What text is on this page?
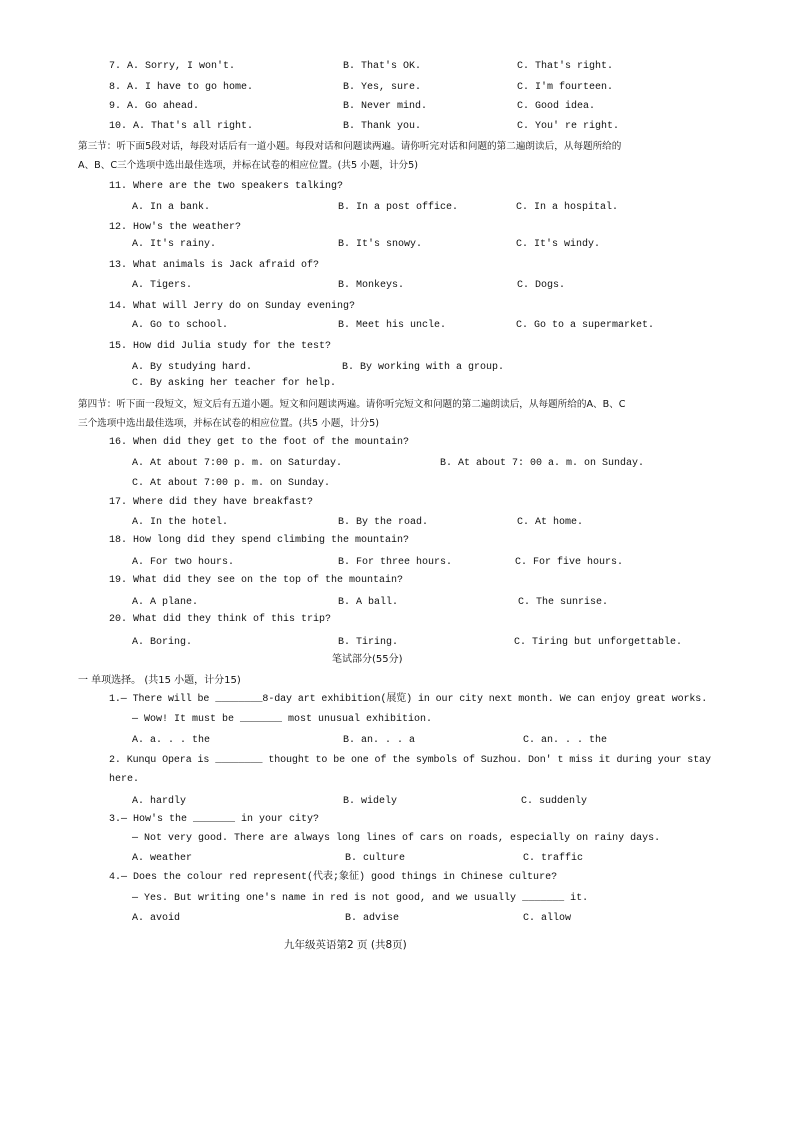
7. A. Sorry, I won't.	B. That's OK.	C. That's right.
8. A. I have to go home.	B. Yes, sure.	C. I'm fourteen.
9. A. Go ahead.	B. Never mind.	C. Good idea.
10. A. That's all right.	B. Thank you.	C. You' re right.
第三节：听下面5段对话，每段对话后有一道小题。每段对话和问题读两遍。请你听完对话和问题的第二遍朗读后，从每题所给的
A、B、C三个选项中选出最佳选项，并标在试卷的相应位置。(共5 小题，计分5)
11. Where are the two speakers talking?
A. In a bank.	B. In a post office.	C. In a hospital.
12. How's the weather?
A. It's rainy.	B. It's snowy.	C. It's windy.
13. What animals is Jack afraid of?
A. Tigers.	B. Monkeys.	C. Dogs.
14. What will Jerry do on Sunday evening?
A. Go to school.	B. Meet his uncle.	C. Go to a supermarket.
15. How did Julia study for the test?
A. By studying hard.	B. By working with a group.
C. By asking her teacher for help.
第四节：听下面一段短文，短文后有五道小题。短文和问题读两遍。请你听完短文和问题的第二遍朗读后，从每题所给的A、B、C
三个选项中选出最佳选项，并标在试卷的相应位置。(共5 小题，计分5)
16. When did they get to the foot of the mountain?
A. At about 7:00 p. m. on Saturday.	B. At about 7: 00 a. m. on Sunday.
C. At about 7:00 p. m. on Sunday.
17. Where did they have breakfast?
A. In the hotel.	B. By the road.	C. At home.
18. How long did they spend climbing the mountain?
A. For two hours.	B. For three hours.	C. For five hours.
19. What did they see on the top of the mountain?
A. A plane.	B. A ball.	C. The sunrise.
20. What did they think of this trip?
A. Boring.	B. Tiring.	C. Tiring but unforgettable.
笔试部分(55分)
一 单项选择。 (共15 小题，计分15)
1.— There will be ________8-day art exhibition(展览) in our city next month. We can enjoy great works.
— Wow! It must be _______ most unusual exhibition.
A. a. . . the	B. an. . . a	C. an. . . the
2. Kunqu Opera is ________ thought to be one of the symbols of Suzhou. Don' t miss it during your stay
here.
A. hardly	B. widely	C. suddenly
3.— How's the _______ in your city?
— Not very good. There are always long lines of cars on roads, especially on rainy days.
A. weather	B. culture	C. traffic
4.— Does the colour red represent(代表;象征) good things in Chinese culture?
— Yes. But writing one's name in red is not good, and we usually _______ it.
A. avoid	B. advise	C. allow
九年级英语第2 页 (共8页)
